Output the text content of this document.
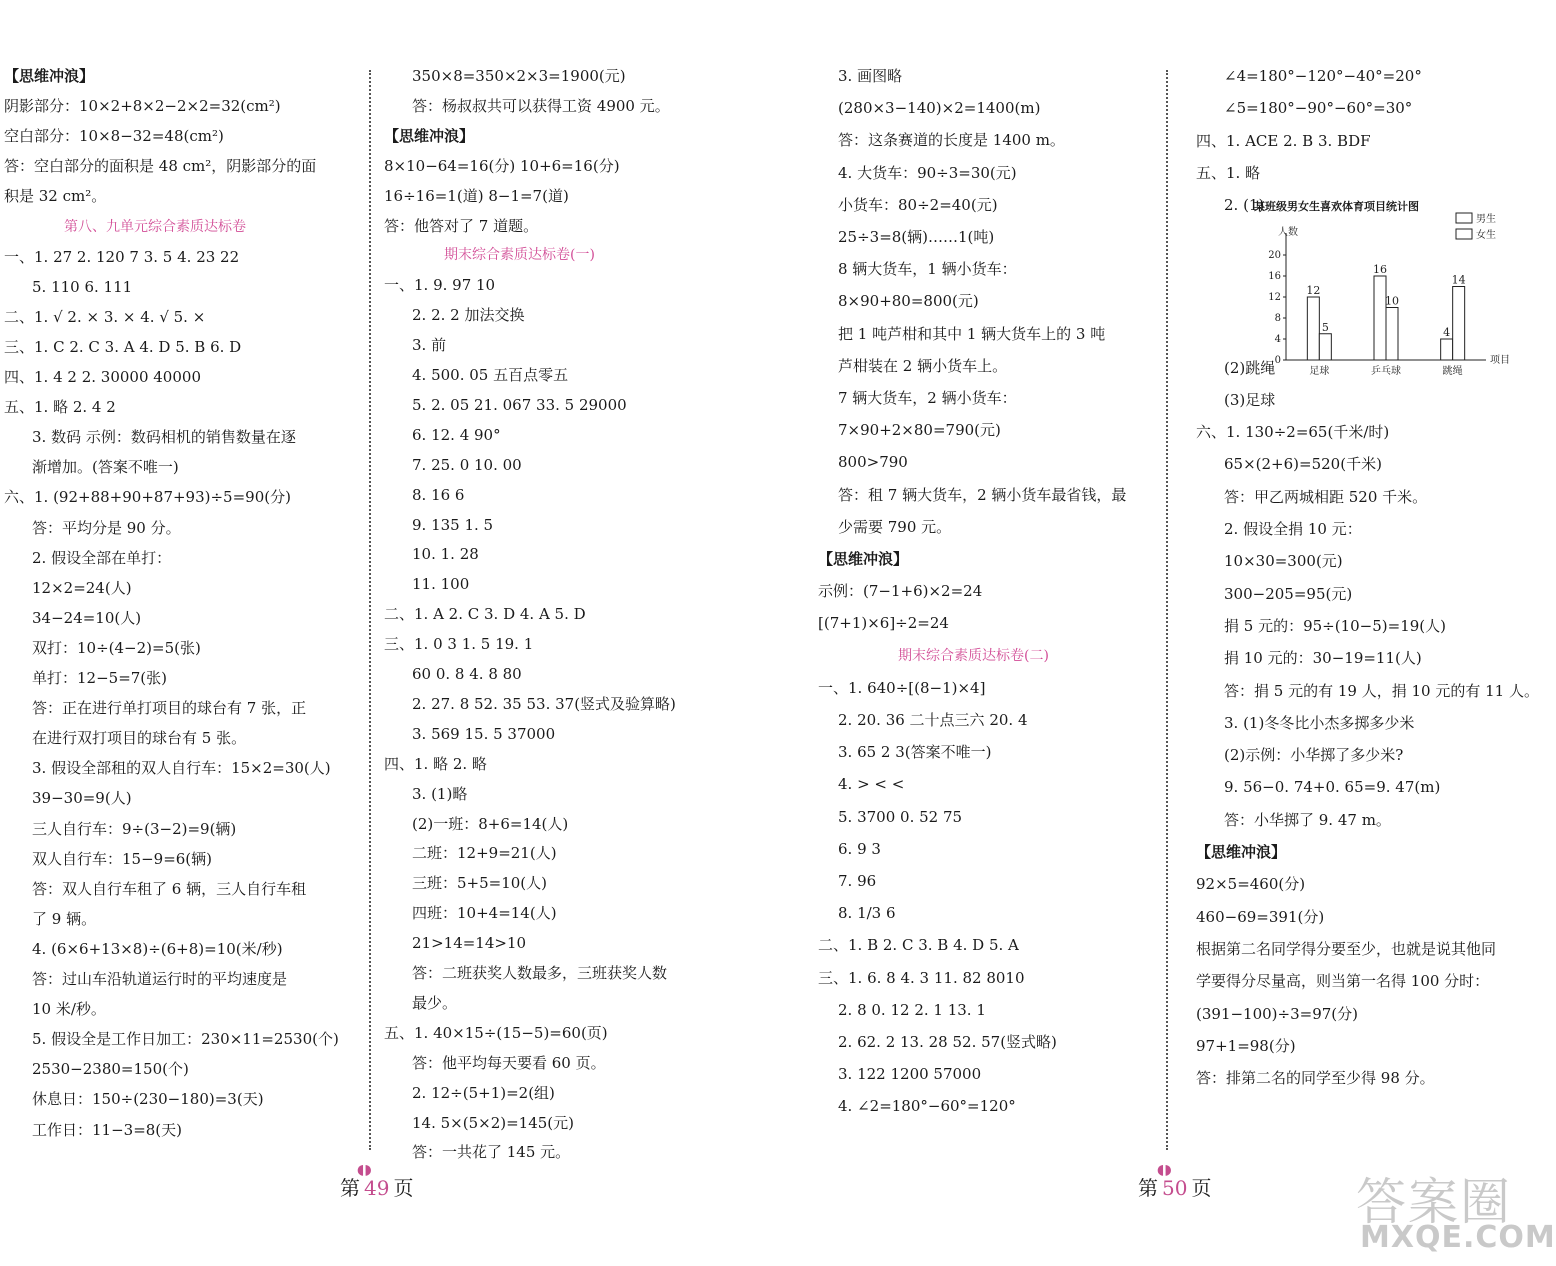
【思维冲浪】
阴影部分：10×2+8×2−2×2=32(cm²)
空白部分：10×8−32=48(cm²)
答：空白部分的面积是 48 cm²，阴影部分的面
积是 32 cm²。
第八、九单元综合素质达标卷
一、1. 27 2. 120 7 3. 5 4. 23 22
5. 110 6. 111
二、1. √ 2. × 3. × 4. √ 5. ×
三、1. C 2. C 3. A 4. D 5. B 6. D
四、1. 4 2 2. 30000 40000
五、1. 略 2. 4 2
3. 数码 示例：数码相机的销售数量在逐
渐增加。(答案不唯一)
六、1. (92+88+90+87+93)÷5=90(分)
答：平均分是 90 分。
2. 假设全部在单打：
12×2=24(人)
34−24=10(人)
双打：10÷(4−2)=5(张)
单打：12−5=7(张)
答：正在进行单打项目的球台有 7 张，正
在进行双打项目的球台有 5 张。
3. 假设全部租的双人自行车：15×2=30(人)
39−30=9(人)
三人自行车：9÷(3−2)=9(辆)
双人自行车：15−9=6(辆)
答：双人自行车租了 6 辆，三人自行车租
了 9 辆。
4. (6×6+13×8)÷(6+8)=10(米/秒)
答：过山车沿轨道运行时的平均速度是
10 米/秒。
5. 假设全是工作日加工：230×11=2530(个)
2530−2380=150(个)
休息日：150÷(230−180)=3(天)
工作日：11−3=8(天)
350×8=350×2×3=1900(元)
答：杨叔叔共可以获得工资 4900 元。
【思维冲浪】
8×10−64=16(分) 10+6=16(分)
16÷16=1(道) 8−1=7(道)
答：他答对了 7 道题。
期末综合素质达标卷(一)
一、1. 9. 97 10
2. 2. 2 加法交换
3. 前
4. 500. 05 五百点零五
5. 2. 05 21. 067 33. 5 29000
6. 12. 4 90°
7. 25. 0 10. 00
8. 16 6
9. 135 1. 5
10. 1. 28
11. 100
二、1. A 2. C 3. D 4. A 5. D
三、1. 0 3 1. 5 19. 1
60 0. 8 4. 8 80
2. 27. 8 52. 35 53. 37(竖式及验算略)
3. 569 15. 5 37000
四、1. 略 2. 略
3. (1)略
(2)一班：8+6=14(人)
二班：12+9=21(人)
三班：5+5=10(人)
四班：10+4=14(人)
21>14=14>10
答：二班获奖人数最多，三班获奖人数
最少。
五、1. 40×15÷(15−5)=60(页)
答：他平均每天要看 60 页。
2. 12÷(5+1)=2(组)
14. 5×(5×2)=145(元)
答：一共花了 145 元。
3. 画图略
(280×3−140)×2=1400(m)
答：这条赛道的长度是 1400 m。
4. 大货车：90÷3=30(元)
小货车：80÷2=40(元)
25÷3=8(辆)……1(吨)
8 辆大货车，1 辆小货车：
8×90+80=800(元)
把 1 吨芦柑和其中 1 辆大货车上的 3 吨
芦柑装在 2 辆小货车上。
7 辆大货车，2 辆小货车：
7×90+2×80=790(元)
800>790
答：租 7 辆大货车，2 辆小货车最省钱，最
少需要 790 元。
【思维冲浪】
示例：(7−1+6)×2=24
[(7+1)×6]÷2=24
期末综合素质达标卷(二)
一、1. 640÷[(8−1)×4]
2. 20. 36 二十点三六 20. 4
3. 65 2 3(答案不唯一)
4. > < <
5. 3700 0. 52 75
6. 9 3
7. 96
8. 1/3 6
二、1. B 2. C 3. B 4. D 5. A
三、1. 6. 8 4. 3 11. 82 8010
2. 8 0. 12 2. 1 13. 1
2. 62. 2 13. 28 52. 57(竖式略)
3. 122 1200 57000
4. ∠2=180°−60°=120°
∠4=180°−120°−40°=20°
∠5=180°−90°−60°=30°
四、1. ACE 2. B 3. BDF
五、1. 略
2. (1)
(2)跳绳
(3)足球
六、1. 130÷2=65(千米/时)
65×(2+6)=520(千米)
答：甲乙两城相距 520 千米。
2. 假设全捐 10 元：
10×30=300(元)
300−205=95(元)
捐 5 元的：95÷(10−5)=19(人)
捐 10 元的：30−19=11(人)
答：捐 5 元的有 19 人，捐 10 元的有 11 人。
3. (1)冬冬比小杰多掷多少米
(2)示例：小华掷了多少米?
9. 56−0. 74+0. 65=9. 47(m)
答：小华掷了 9. 47 m。
【思维冲浪】
92×5=460(分)
460−69=391(分)
根据第二名同学得分要至少，也就是说其他同
学要得分尽量高，则当第一名得 100 分时：
(391−100)÷3=97(分)
97+1=98(分)
答：排第二名的同学至少得 98 分。
某班级男女生喜欢体育项目统计图
0
4
8
12
16
20
人数
项目
12
5
足球
16
10
乒乓球
4
14
跳绳
男生
女生
◖◗
第 49 页
◖◗
第 50 页	答案圈
MXQE.COM
